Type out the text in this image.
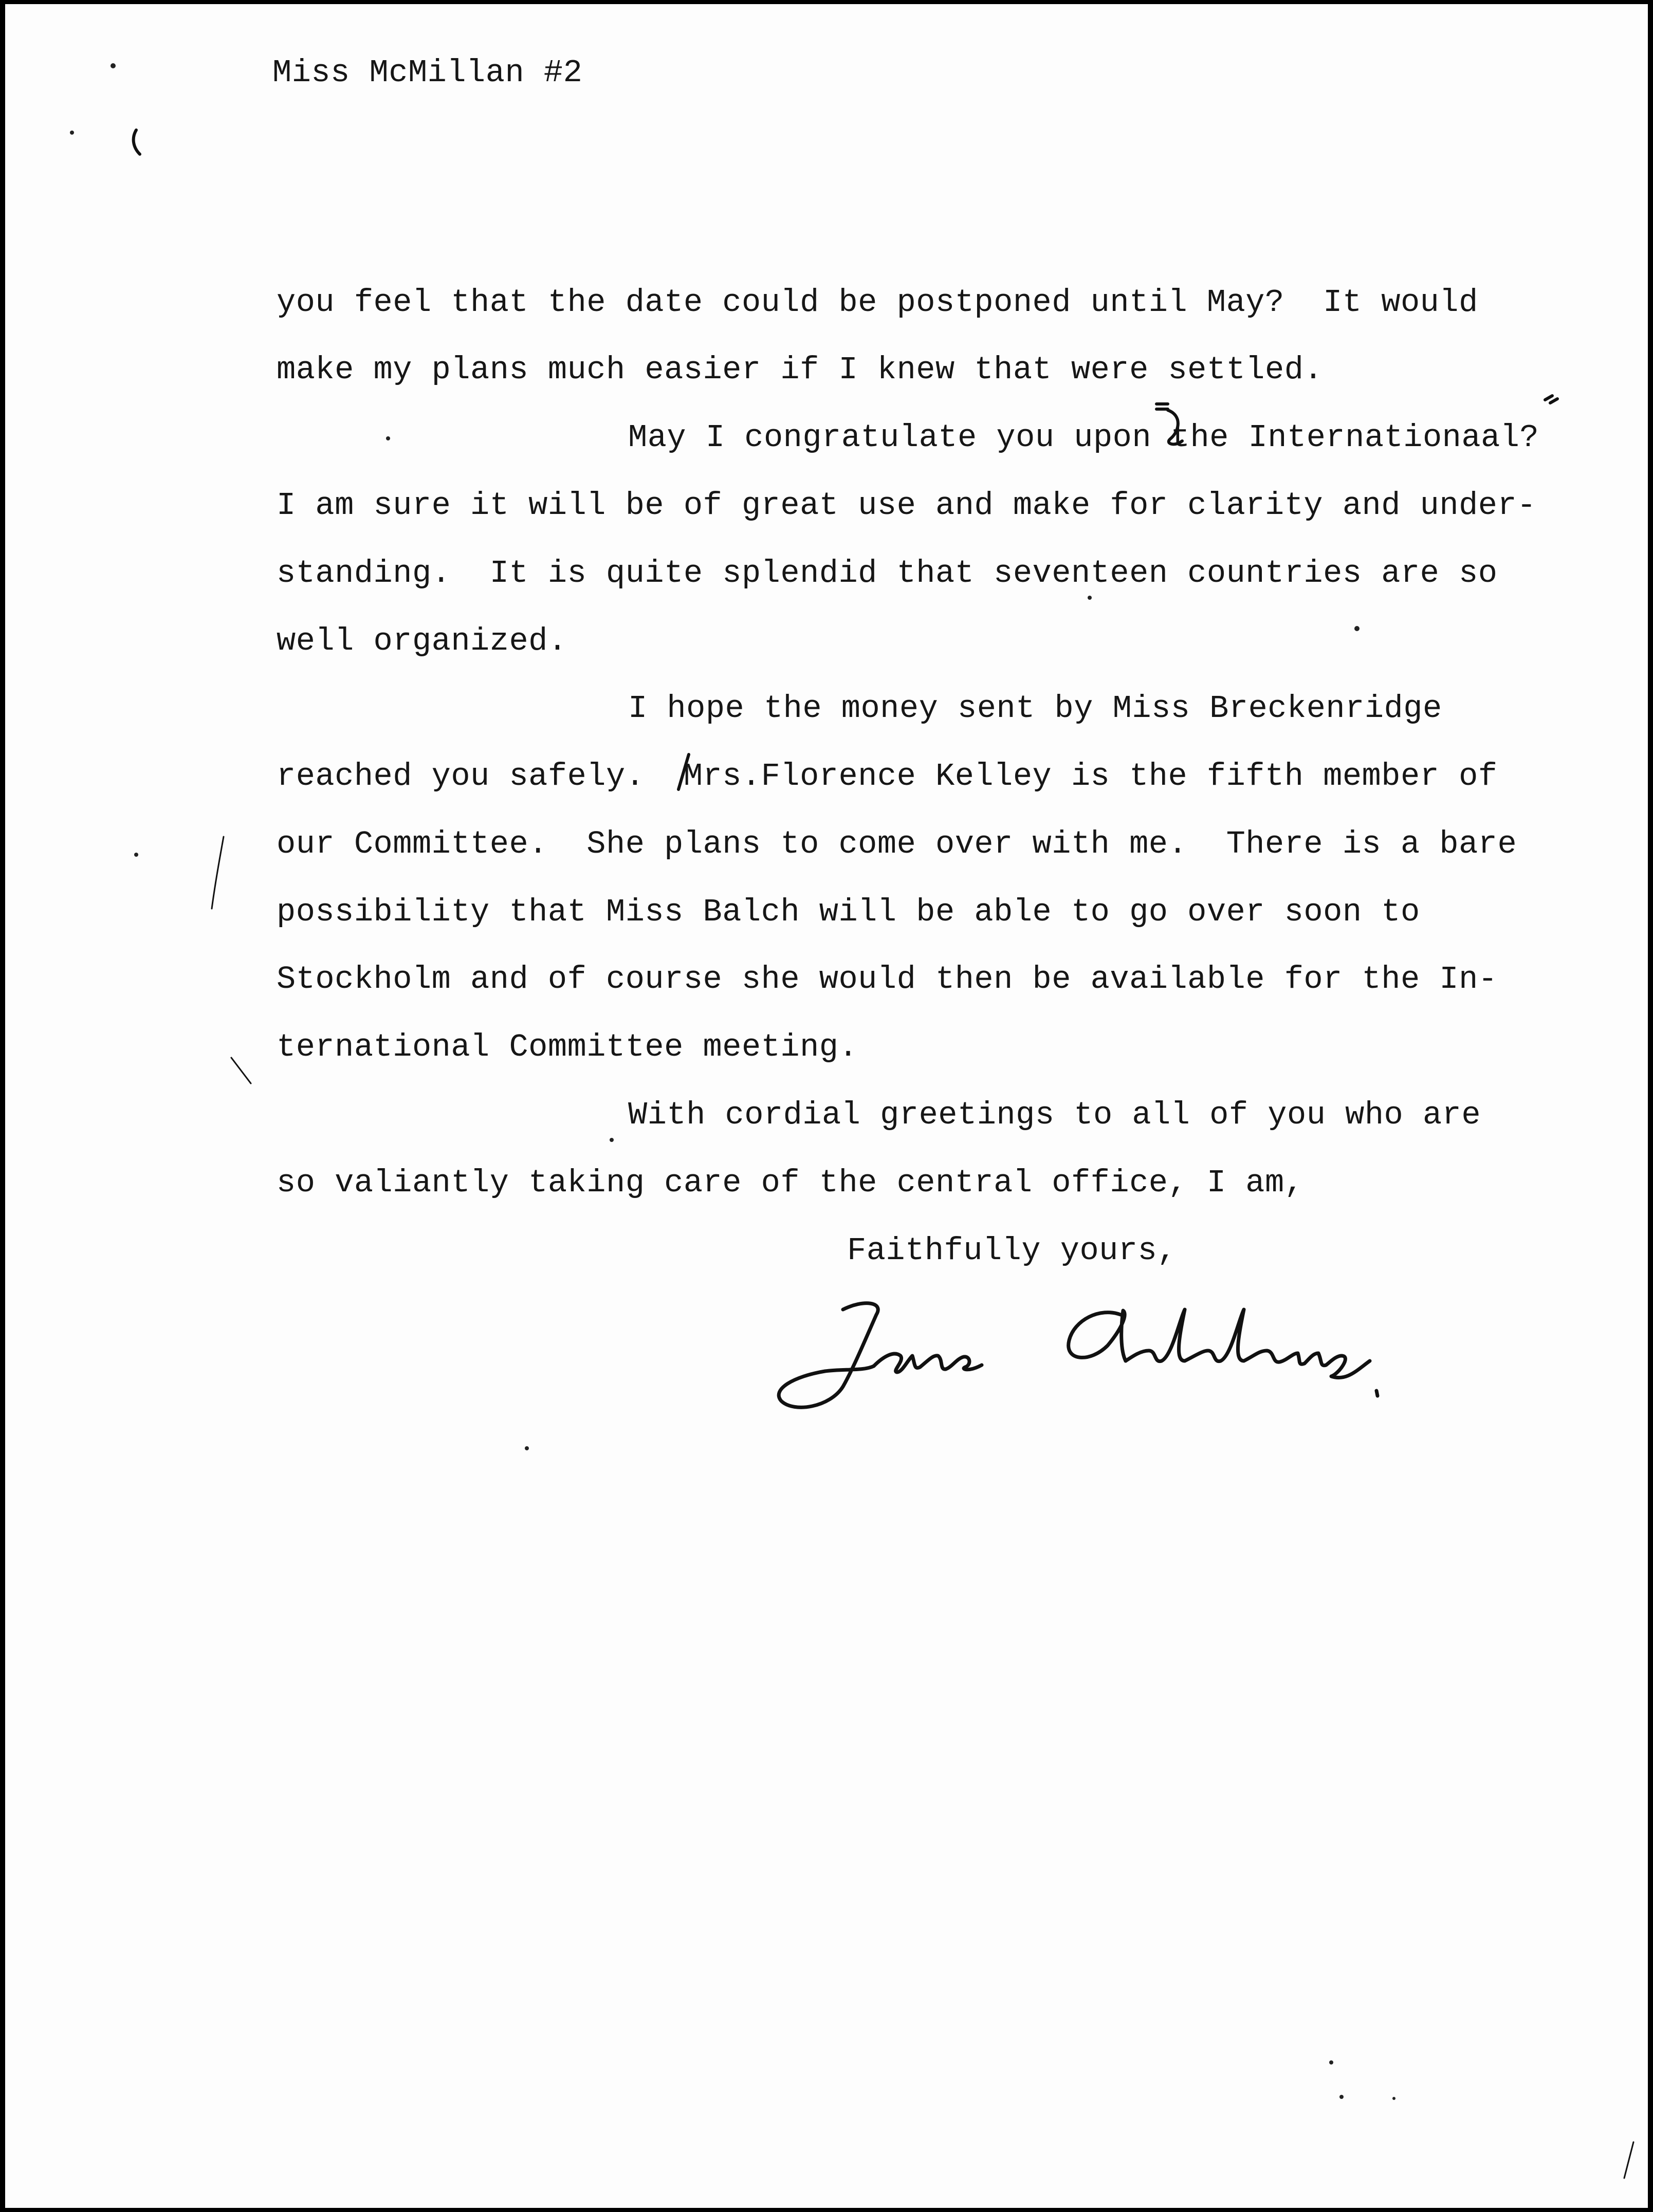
Miss McMillan #2
you feel that the date could be postponed until May?  It would
make my plans much easier if I knew that were settled.
May I congratulate you upon the Internationaal?
I am sure it will be of great use and make for clarity and under-
standing.  It is quite splendid that seventeen countries are so
well organized.
I hope the money sent by Miss Breckenridge
reached you safely.  Mrs.Florence Kelley is the fifth member of
our Committee.  She plans to come over with me.  There is a bare
possibility that Miss Balch will be able to go over soon to
Stockholm and of course she would then be available for the In-
ternational Committee meeting.
With cordial greetings to all of you who are
so valiantly taking care of the central office, I am,
Faithfully yours,
